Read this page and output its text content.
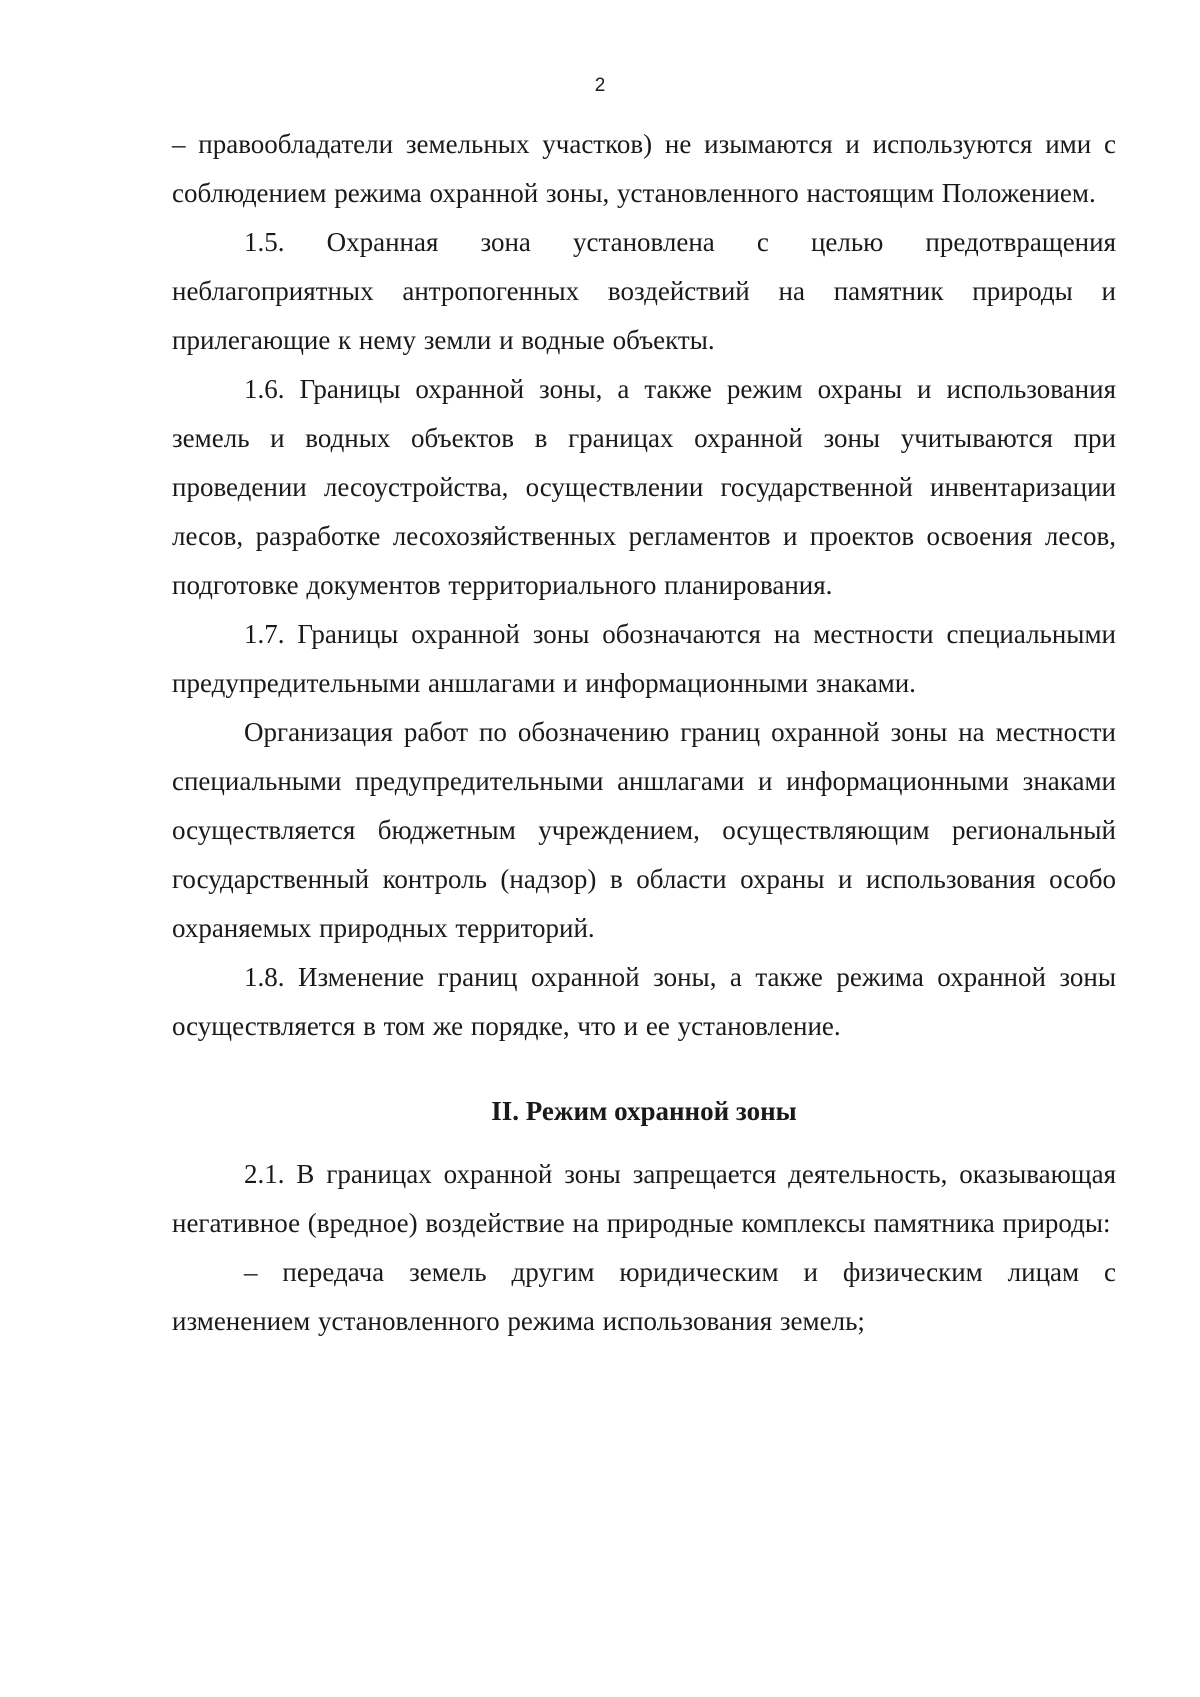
2

– правообладатели земельных участков) не изымаются и используются ими с соблюдением режима охранной зоны, установленного настоящим Положением.

1.5. Охранная зона установлена с целью предотвращения неблагоприятных антропогенных воздействий на памятник природы и прилегающие к нему земли и водные объекты.

1.6. Границы охранной зоны, а также режим охраны и использования земель и водных объектов в границах охранной зоны учитываются при проведении лесоустройства, осуществлении государственной инвентаризации лесов, разработке лесохозяйственных регламентов и проектов освоения лесов, подготовке документов территориального планирования.

1.7. Границы охранной зоны обозначаются на местности специальными предупредительными аншлагами и информационными знаками.

Организация работ по обозначению границ охранной зоны на местности специальными предупредительными аншлагами и информационными знаками осуществляется бюджетным учреждением, осуществляющим региональный государственный контроль (надзор) в области охраны и использования особо охраняемых природных территорий.

1.8. Изменение границ охранной зоны, а также режима охранной зоны осуществляется в том же порядке, что и ее установление.

II. Режим охранной зоны

2.1. В границах охранной зоны запрещается деятельность, оказывающая негативное (вредное) воздействие на природные комплексы памятника природы:

– передача земель другим юридическим и физическим лицам с изменением установленного режима использования земель;
